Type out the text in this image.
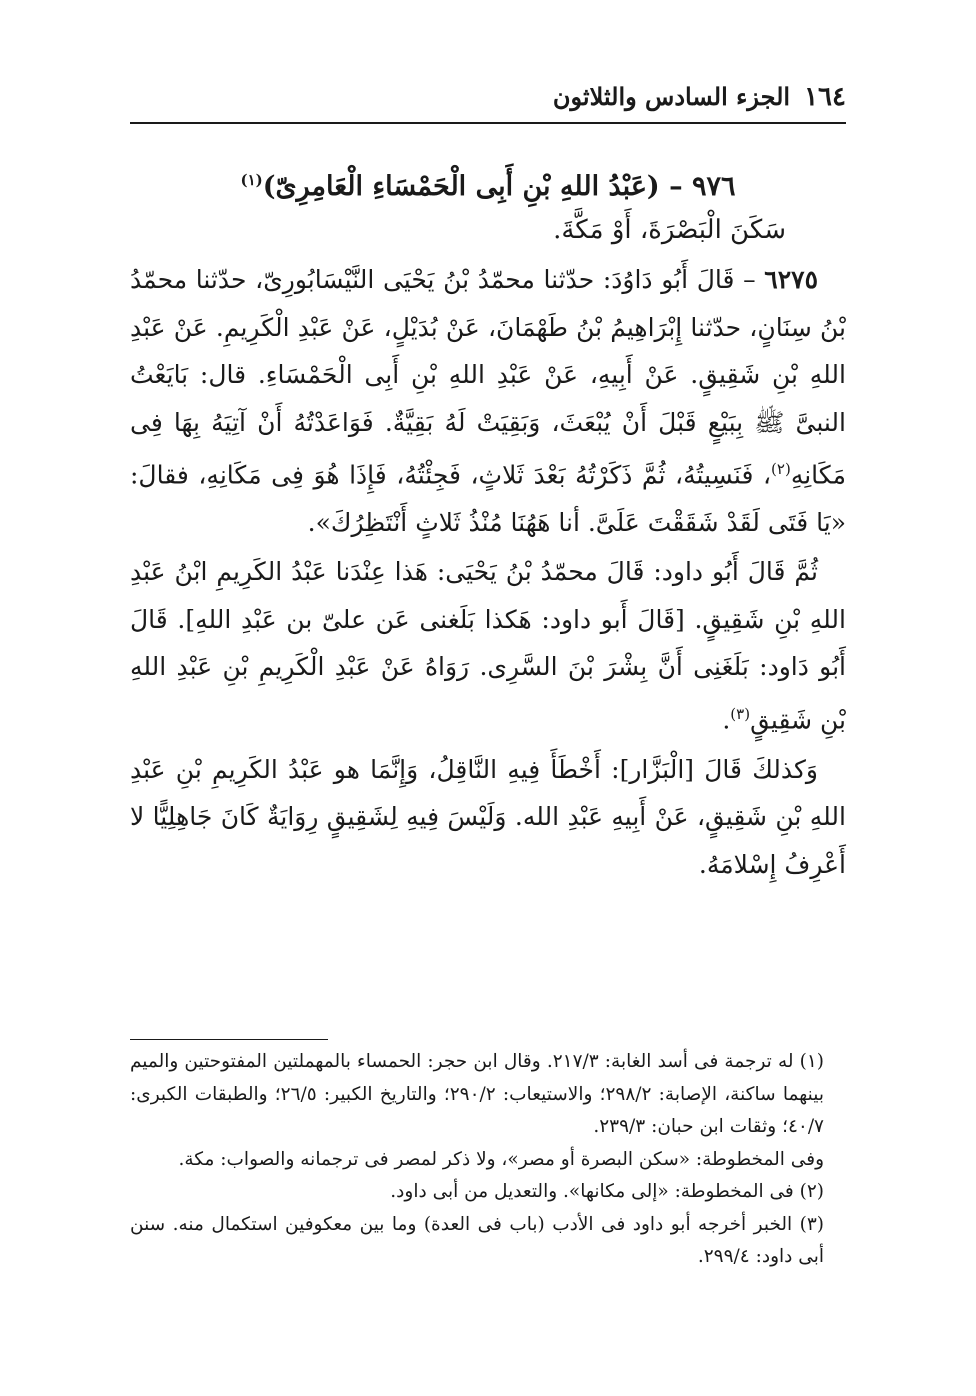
١٦٤
الجزء السادس والثلاثون
٩٧٦ – (عَبْدُ اللهِ بْنِ أَبِى الْحَمْسَاءِ الْعَامِرِىّ)$^{(١)}$
سَكَنَ الْبَصْرَةَ، أَوْ مَكَّةَ.

٦٢٧٥ – قَالَ أَبُو دَاوُدَ: حدّثنا محمّدُ بْنُ يَحْيَى النَّيْسَابُورِىّ، حدّثنا محمّدُ بْنُ سِنَانٍ، حدّثنا إِبْرَاهِيمُ بْنُ طَهْمَانَ، عَنْ بُدَيْلٍ، عَنْ عَبْدِ الْكَرِيمِ. عَنْ عَبْدِ اللهِ بْنِ شَقِيقٍ. عَنْ أَبِيهِ، عَنْ عَبْدِ اللهِ بْنِ أَبِى الْحَمْسَاءِ. قال: بَايَعْتُ النبىَّ ﷺ بِبَيْعٍ قَبْلَ أَنْ يُبْعَثَ، وَبَقِيَتْ لَهُ بَقِيَّةٌ. فَوَاعَدْتُهُ أَنْ آتِيَهُ بِهَا فِى مَكَانِهِ$^{(٢)}$، فَنَسِيتُهُ، ثُمَّ ذَكَرْتُهُ بَعْدَ ثَلاثٍ، فَجِئْتُهُ، فَإِذَا هُوَ فِى مَكَانِهِ، فقالَ: «يَا فَتَى لَقَدْ شَقَقْتَ عَلَىَّ. أنا هَهُنَا مُنْذُ ثَلاثٍ أَنْتَظِرُكَ».

ثُمَّ قَالَ أَبُو داود: قَالَ محمّدُ بْنُ يَحْيَى: هَذا عِنْدَنا عَبْدُ الكَرِيمِ ابْنُ عَبْدِ اللهِ بْنِ شَقِيقٍ. [قَالَ أَبو داود: هَكذا بَلَغنى عَن علىّ بن عَبْدِ اللهِ]. قَالَ أَبُو دَاود: بَلَغَنِى أَنَّ بِشْرَ بْنَ السَّرِى. رَوَاهُ عَنْ عَبْدِ الْكَرِيمِ بْنِ عَبْدِ اللهِ بْنِ شَقِيقٍ$^{(٣)}$.

وَكذلكَ قَالَ [الْبَزَّار]: أَخْطَأَ فِيهِ النَّاقِلُ، وَإِنَّمَا هو عَبْدُ الكَرِيمِ بْنِ عَبْدِ اللهِ بْنِ شَقِيقٍ، عَنْ أَبِيهِ عَبْدِ الله. وَلَيْسَ فِيهِ لِشَقِيقٍ رِوَايَةٌ كَانَ جَاهِلِيًّا لا أَعْرِفُ إِسْلامَهُ.

(١) له ترجمة فى أسد الغابة: ٢١٧/٣. وقال ابن حجر: الحمساء بالمهملتين المفتوحتين والميم بينهما ساكنة، الإصابة: ٢٩٨/٢؛ والاستيعاب: ٢٩٠/٢؛ والتاريخ الكبير: ٢٦/٥؛ والطبقات الكبرى: ٤٠/٧؛ وثقات ابن حبان: ٢٣٩/٣.

وفى المخطوطة: «سكن البصرة أو مصر»، ولا ذكر لمصر فى ترجمانه والصواب: مكة.

(٢) فى المخطوطة: «إلى مكانها». والتعديل من أبى داود.

(٣) الخبر أخرجه أبو داود فى الأدب (باب فى العدة) وما بين معكوفين استكمال منه. سنن أبى داود: ٢٩٩/٤.
